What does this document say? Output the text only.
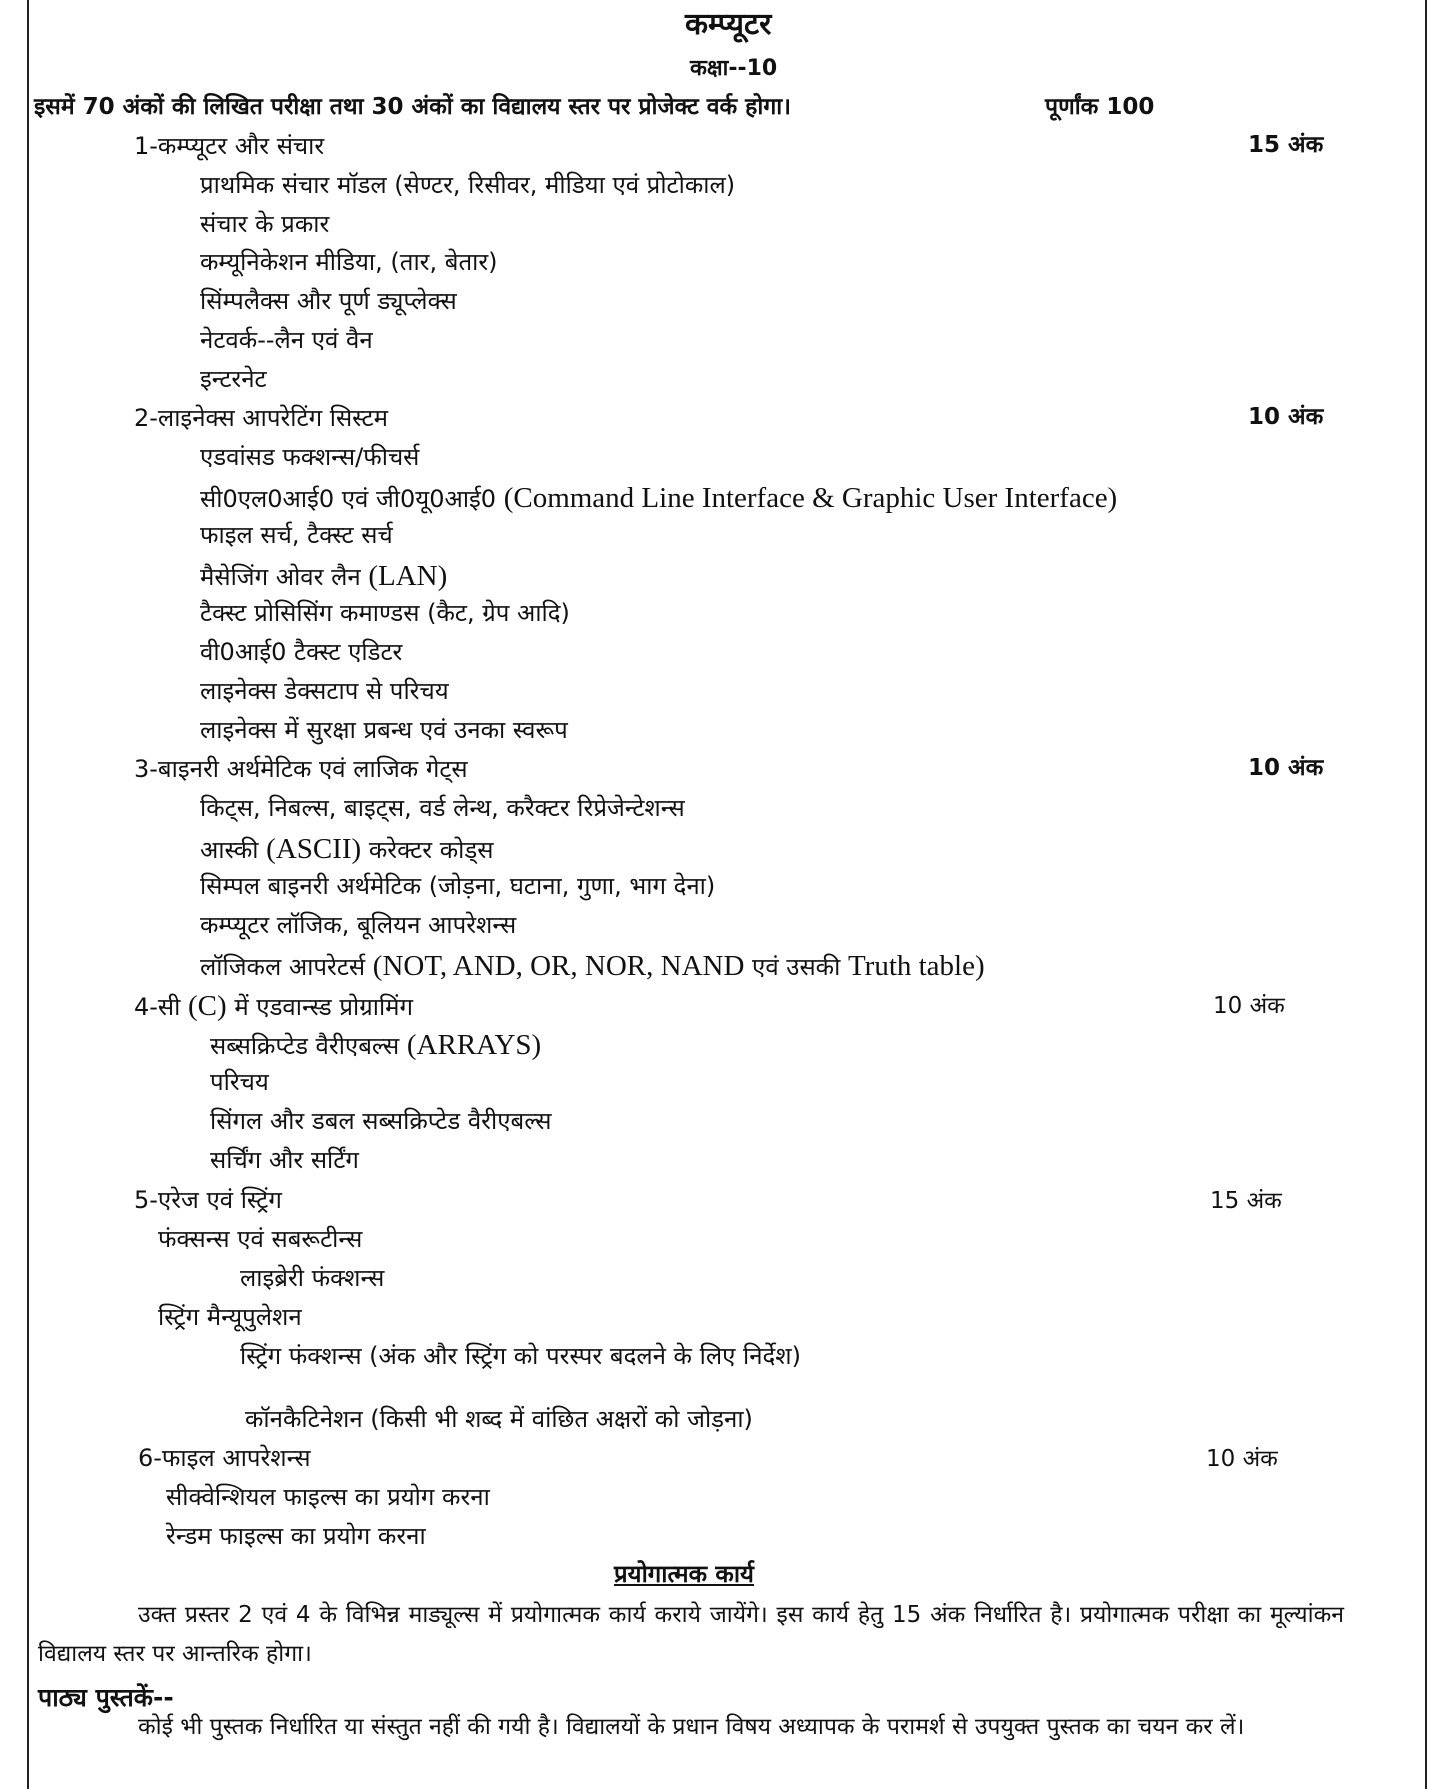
कम्प्यूटर
कक्षा--10
इसमें 70 अंकों की लिखित परीक्षा तथा 30 अंकों का विद्यालय स्तर पर प्रोजेक्ट वर्क होगा।	पूर्णांक 100
1-कम्प्यूटर और संचार	15 अंक
प्राथमिक संचार मॉडल (सेण्टर, रिसीवर, मीडिया एवं प्रोटोकाल)
संचार के प्रकार
कम्यूनिकेशन मीडिया, (तार, बेतार)
सिंम्पलैक्स और पूर्ण ड्यूप्लेक्स
नेटवर्क--लैन एवं वैन
इन्टरनेट
2-लाइनेक्स आपरेटिंग सिस्टम	10 अंक
एडवांसड फक्शन्स/फीचर्स
सी0एल0आई0 एवं जी0यू0आई0 (Command Line Interface & Graphic User Interface)
फाइल सर्च, टैक्स्ट सर्च
मैसेजिंग ओवर लैन (LAN)
टैक्स्ट प्रोसिसिंग कमाण्डस (कैट, ग्रेप आदि)
वी0आई0 टैक्स्ट एडिटर
लाइनेक्स डेक्सटाप से परिचय
लाइनेक्स में सुरक्षा प्रबन्ध एवं उनका स्वरूप
3-बाइनरी अर्थमेटिक एवं लाजिक गेट्स	10 अंक
किट्स, निबल्स, बाइट्स, वर्ड लेन्थ, करैक्टर रिप्रेजेन्टेशन्स
आस्की (ASCII) करेक्टर कोड्स
सिम्पल बाइनरी अर्थमेटिक (जोड़ना, घटाना, गुणा, भाग देना)
कम्प्यूटर लॉजिक, बूलियन आपरेशन्स
लॉजिकल आपरेटर्स (NOT, AND, OR, NOR, NAND एवं उसकी Truth table)
4-सी (C) में एडवान्स्ड प्रोग्रामिंग	10 अंक
सब्सक्रिप्टेड वैरीएबल्स (ARRAYS)
परिचय
सिंगल और डबल सब्सक्रिप्टेड वैरीएबल्स
सर्चिंग और सर्टिंग
5-एरेज एवं स्ट्रिंग	15 अंक
फंक्सन्स एवं सबरूटीन्स
लाइब्रेरी फंक्शन्स
स्ट्रिंग मैन्यूपुलेशन
स्ट्रिंग फंक्शन्स (अंक और स्ट्रिंग को परस्पर बदलने के लिए निर्देश)
कॉनकैटिनेशन (किसी भी शब्द में वांछित अक्षरों को जोड़ना)
6-फाइल आपरेशन्स	10 अंक
सीक्वेन्शियल फाइल्स का प्रयोग करना
रेन्डम फाइल्स का प्रयोग करना
प्रयोगात्मक कार्य
उक्त प्रस्तर 2 एवं 4 के विभिन्न माड्यूल्स में प्रयोगात्मक कार्य कराये जायेंगे। इस कार्य हेतु 15 अंक निर्धारित है। प्रयोगात्मक परीक्षा का मूल्यांकन विद्यालय स्तर पर आन्तरिक होगा।
पाठ्य पुस्तकें--
कोई भी पुस्तक निर्धारित या संस्तुत नहीं की गयी है। विद्यालयों के प्रधान विषय अध्यापक के परामर्श से उपयुक्त पुस्तक का चयन कर लें।
